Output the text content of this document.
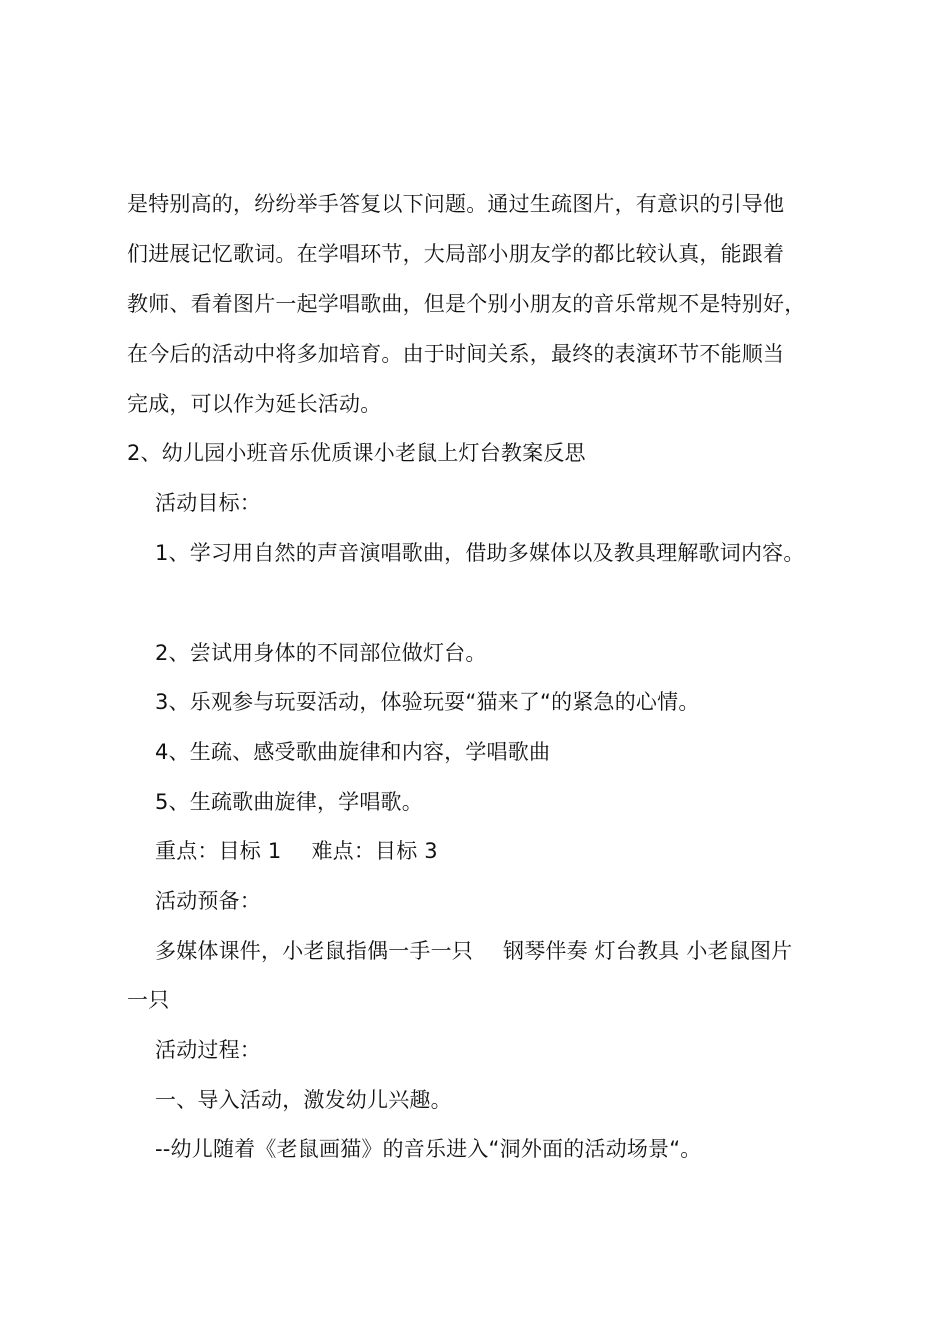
是特别高的，纷纷举手答复以下问题。通过生疏图片，有意识的引导他
们进展记忆歌词。在学唱环节，大局部小朋友学的都比较认真，能跟着
教师、看着图片一起学唱歌曲，但是个别小朋友的音乐常规不是特别好，
在今后的活动中将多加培育。由于时间关系，最终的表演环节不能顺当
完成，可以作为延长活动。
2、幼儿园小班音乐优质课小老鼠上灯台教案反思
活动目标：
1、学习用自然的声音演唱歌曲，借助多媒体以及教具理解歌词内容。
2、尝试用身体的不同部位做灯台。
3、乐观参与玩耍活动，体验玩耍“猫来了“的紧急的心情。
4、生疏、感受歌曲旋律和内容，学唱歌曲
5、生疏歌曲旋律，学唱歌。
重点：目标 1 难点：目标 3
活动预备：
多媒体课件，小老鼠指偶一手一只 钢琴伴奏 灯台教具 小老鼠图片
一只
活动过程：
一、导入活动，激发幼儿兴趣。
--幼儿随着《老鼠画猫》的音乐进入“洞外面的活动场景“。
